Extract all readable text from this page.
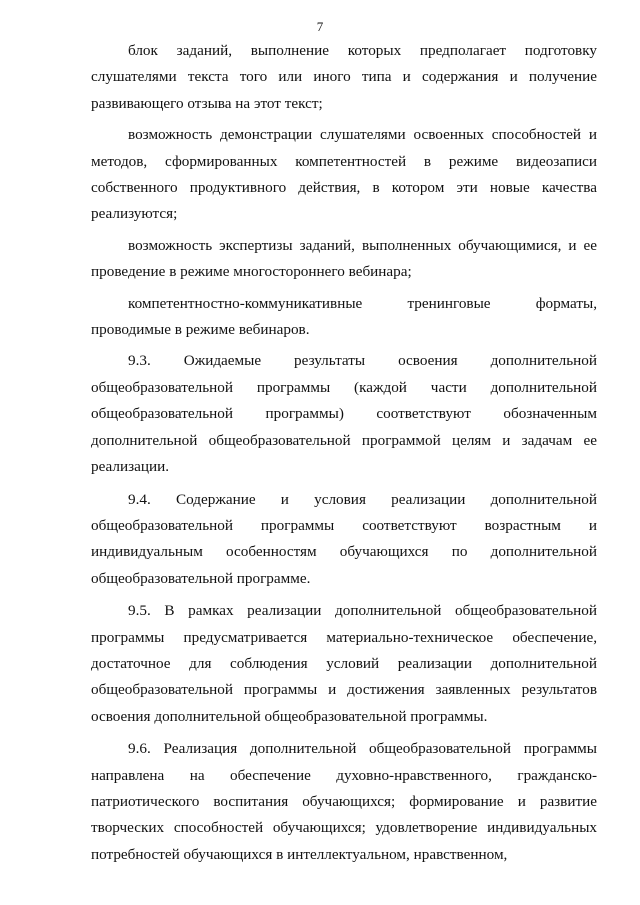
7

блок заданий, выполнение которых предполагает подготовку слушателями текста того или иного типа и содержания и получение развивающего отзыва на этот текст;

возможность демонстрации слушателями освоенных способностей и методов, сформированных компетентностей в режиме видеозаписи собственного продуктивного действия, в котором эти новые качества реализуются;

возможность экспертизы заданий, выполненных обучающимися, и ее проведение в режиме многостороннего вебинара;

компетентностно-коммуникативные тренинговые форматы, проводимые в режиме вебинаров.

9.3. Ожидаемые результаты освоения дополнительной общеобразовательной программы (каждой части дополнительной общеобразовательной программы) соответствуют обозначенным дополнительной общеобразовательной программой целям и задачам ее реализации.

9.4. Содержание и условия реализации дополнительной общеобразовательной программы соответствуют возрастным и индивидуальным особенностям обучающихся по дополнительной общеобразовательной программе.

9.5. В рамках реализации дополнительной общеобразовательной программы предусматривается материально-техническое обеспечение, достаточное для соблюдения условий реализации дополнительной общеобразовательной программы и достижения заявленных результатов освоения дополнительной общеобразовательной программы.

9.6. Реализация дополнительной общеобразовательной программы направлена на обеспечение духовно-нравственного, гражданско-патриотического воспитания обучающихся; формирование и развитие творческих способностей обучающихся; удовлетворение индивидуальных потребностей обучающихся в интеллектуальном, нравственном,
